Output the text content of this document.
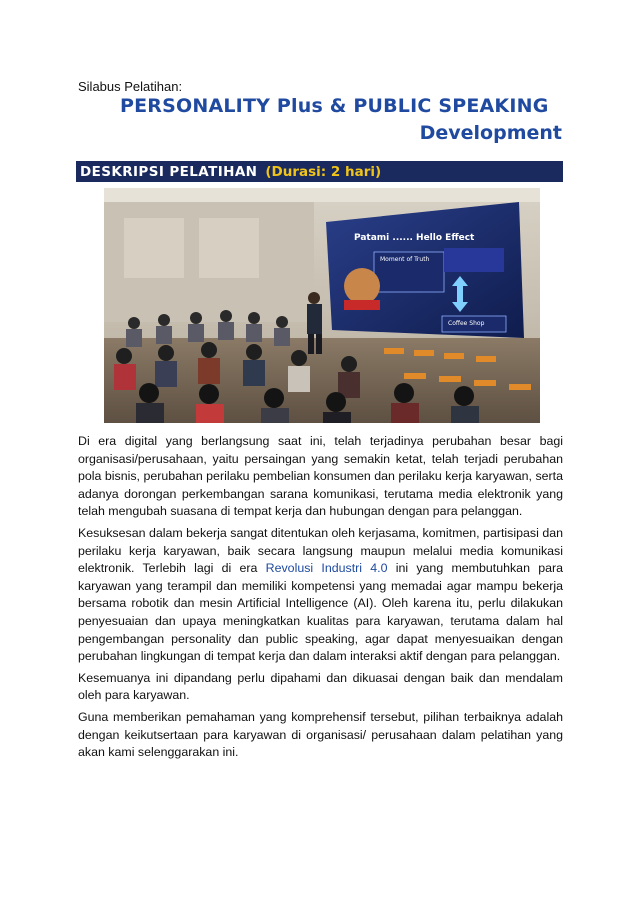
Silabus Pelatihan:
PERSONALITY Plus & PUBLIC SPEAKING
Development
DESKRIPSI PELATIHAN (Durasi: 2 hari)
Patami ...... Hello Effect
Moment of Truth
Coffee Shop

Di era digital yang berlangsung saat ini, telah terjadinya perubahan besar bagi organisasi/perusahaan, yaitu persaingan yang semakin ketat, telah terjadi perubahan pola bisnis, perubahan perilaku pembelian konsumen dan perilaku kerja karyawan, serta adanya dorongan perkembangan sarana komunikasi, terutama media elektronik yang telah mengubah suasana di tempat kerja dan hubungan dengan para pelanggan.

Kesuksesan dalam bekerja sangat ditentukan oleh kerjasama, komitmen, partisipasi dan perilaku kerja karyawan, baik secara langsung maupun melalui media komunikasi elektronik. Terlebih lagi di era Revolusi Industri 4.0 ini yang membutuhkan para karyawan yang terampil dan memiliki kompetensi yang memadai agar mampu bekerja bersama robotik dan mesin Artificial Intelligence (AI). Oleh karena itu, perlu dilakukan penyesuaian dan upaya meningkatkan kualitas para karyawan, terutama dalam hal pengembangan personality dan public speaking, agar dapat menyesuaikan dengan perubahan lingkungan di tempat kerja dan dalam interaksi aktif dengan para pelanggan.

Kesemuanya ini dipandang perlu dipahami dan dikuasai dengan baik dan mendalam oleh para karyawan.

Guna memberikan pemahaman yang komprehensif tersebut, pilihan terbaiknya adalah dengan keikutsertaan para karyawan di organisasi/ perusahaan dalam pelatihan yang akan kami selenggarakan ini.
